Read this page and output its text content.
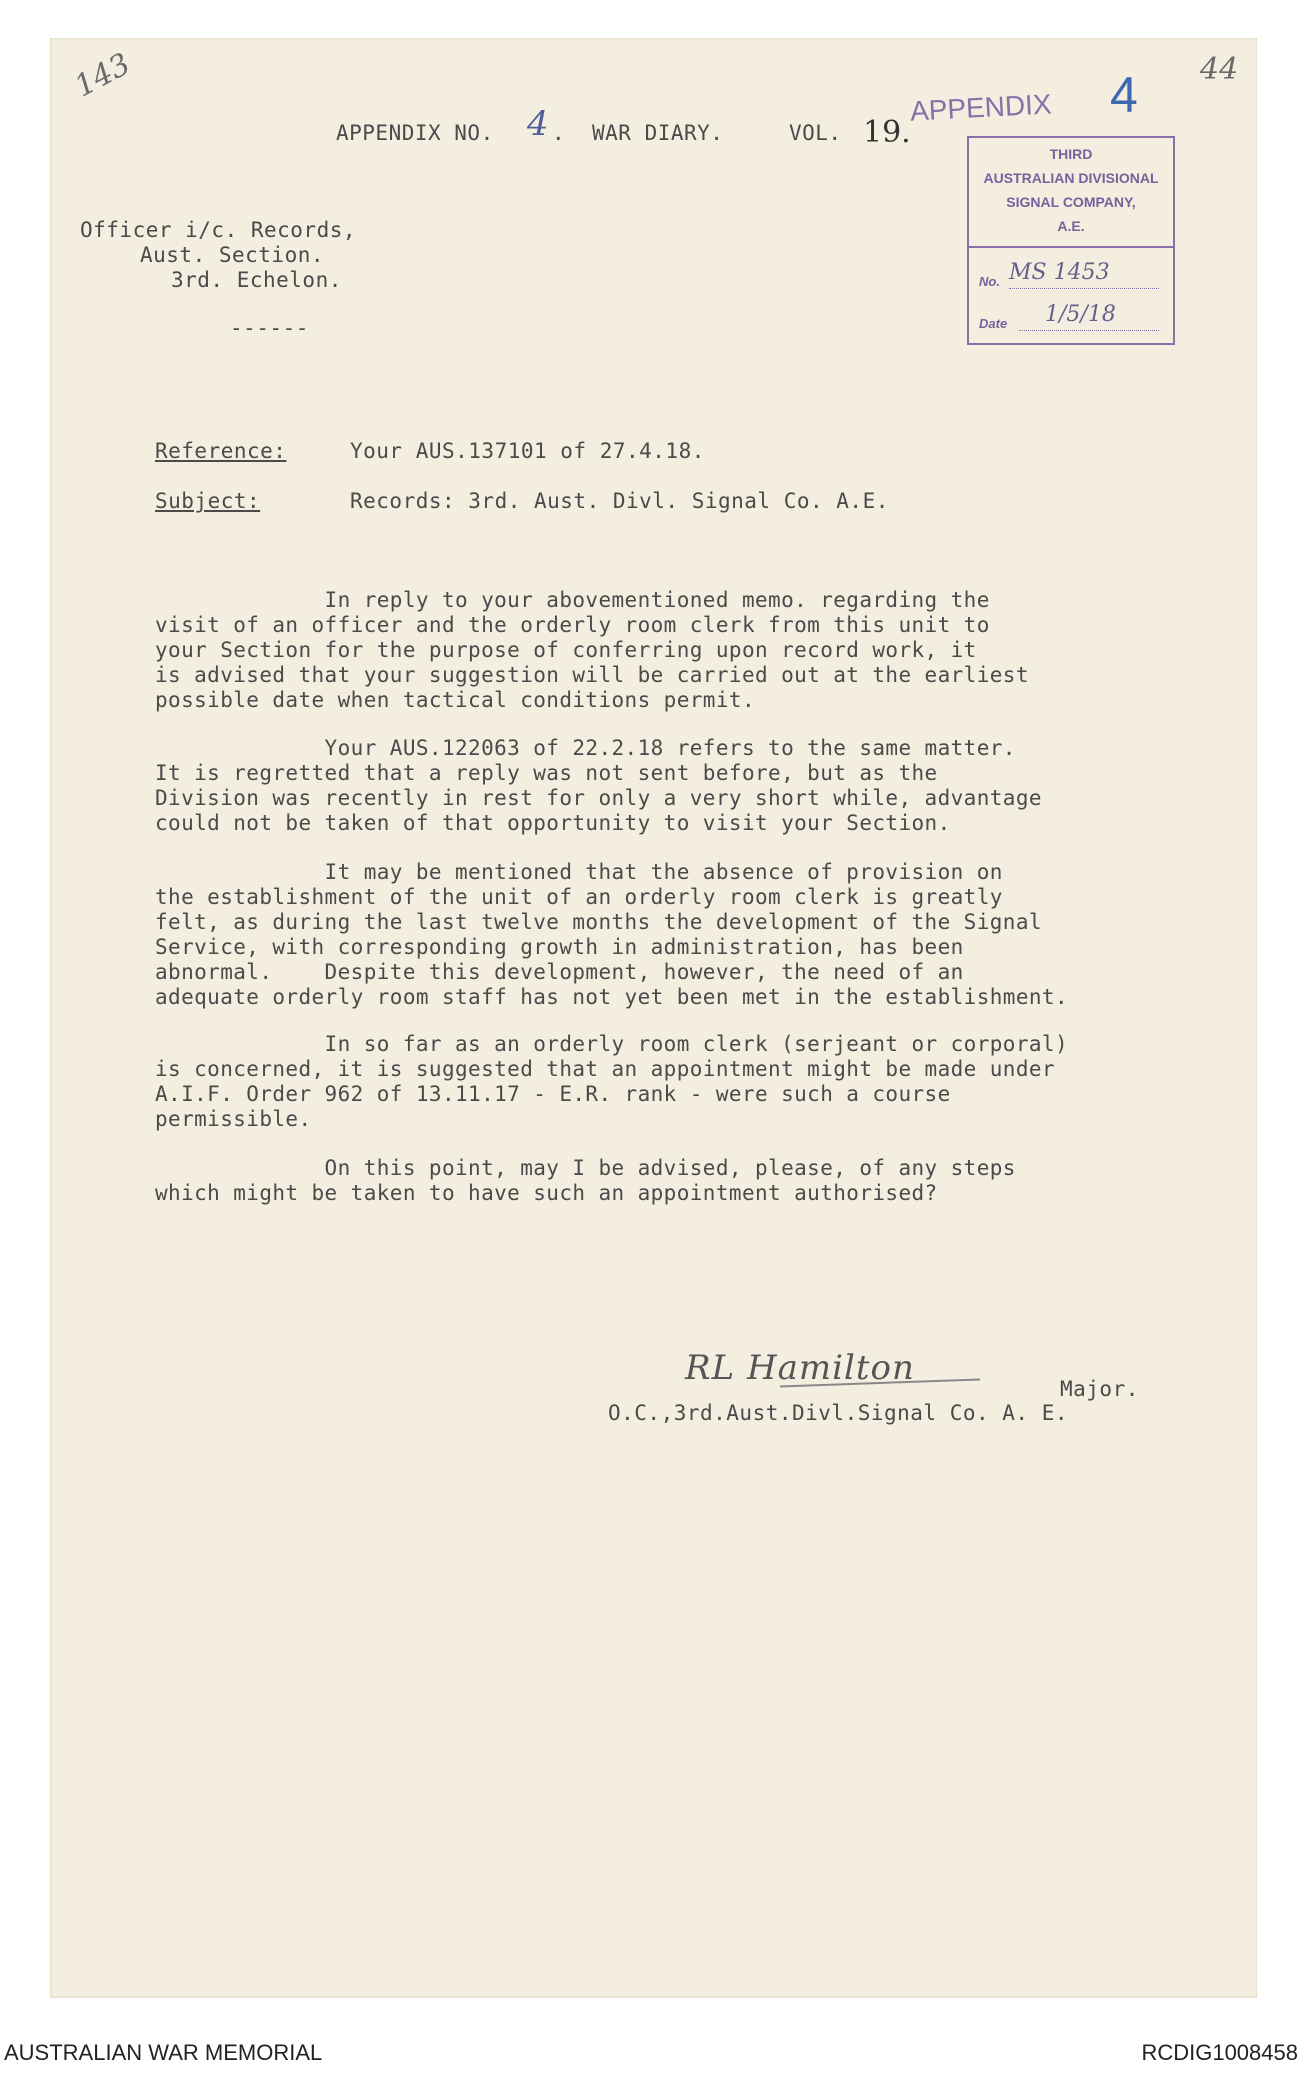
143	44
APPENDIX NO. 4 . WAR DIARY.	VOL. 19.
APPENDIX 4
THIRD
AUSTRALIAN DIVISIONAL
SIGNAL COMPANY,
A.E.
No. MS 1453
Date 1/5/18
Officer i/c. Records,
Aust. Section.
3rd. Echelon.
------
Reference:	Your AUS.137101 of 27.4.18.
Subject:	Records: 3rd. Aust. Divl. Signal Co. A.E.
In reply to your abovementioned memo. regarding the
visit of an officer and the orderly room clerk from this unit to
your Section for the purpose of conferring upon record work, it
is advised that your suggestion will be carried out at the earliest
possible date when tactical conditions permit.
Your AUS.122063 of 22.2.18 refers to the same matter.
It is regretted that a reply was not sent before, but as the
Division was recently in rest for only a very short while, advantage
could not be taken of that opportunity to visit your Section.
It may be mentioned that the absence of provision on
the establishment of the unit of an orderly room clerk is greatly
felt, as during the last twelve months the development of the Signal
Service, with corresponding growth in administration, has been
abnormal.    Despite this development, however, the need of an
adequate orderly room staff has not yet been met in the establishment.
In so far as an orderly room clerk (serjeant or corporal)
is concerned, it is suggested that an appointment might be made under
A.I.F. Order 962 of 13.11.17 - E.R. rank - were such a course
permissible.
On this point, may I be advised, please, of any steps
which might be taken to have such an appointment authorised?
RL Hamilton
Major.
O.C.,3rd.Aust.Divl.Signal Co. A. E.
AUSTRALIAN WAR MEMORIAL	RCDIG1008458
